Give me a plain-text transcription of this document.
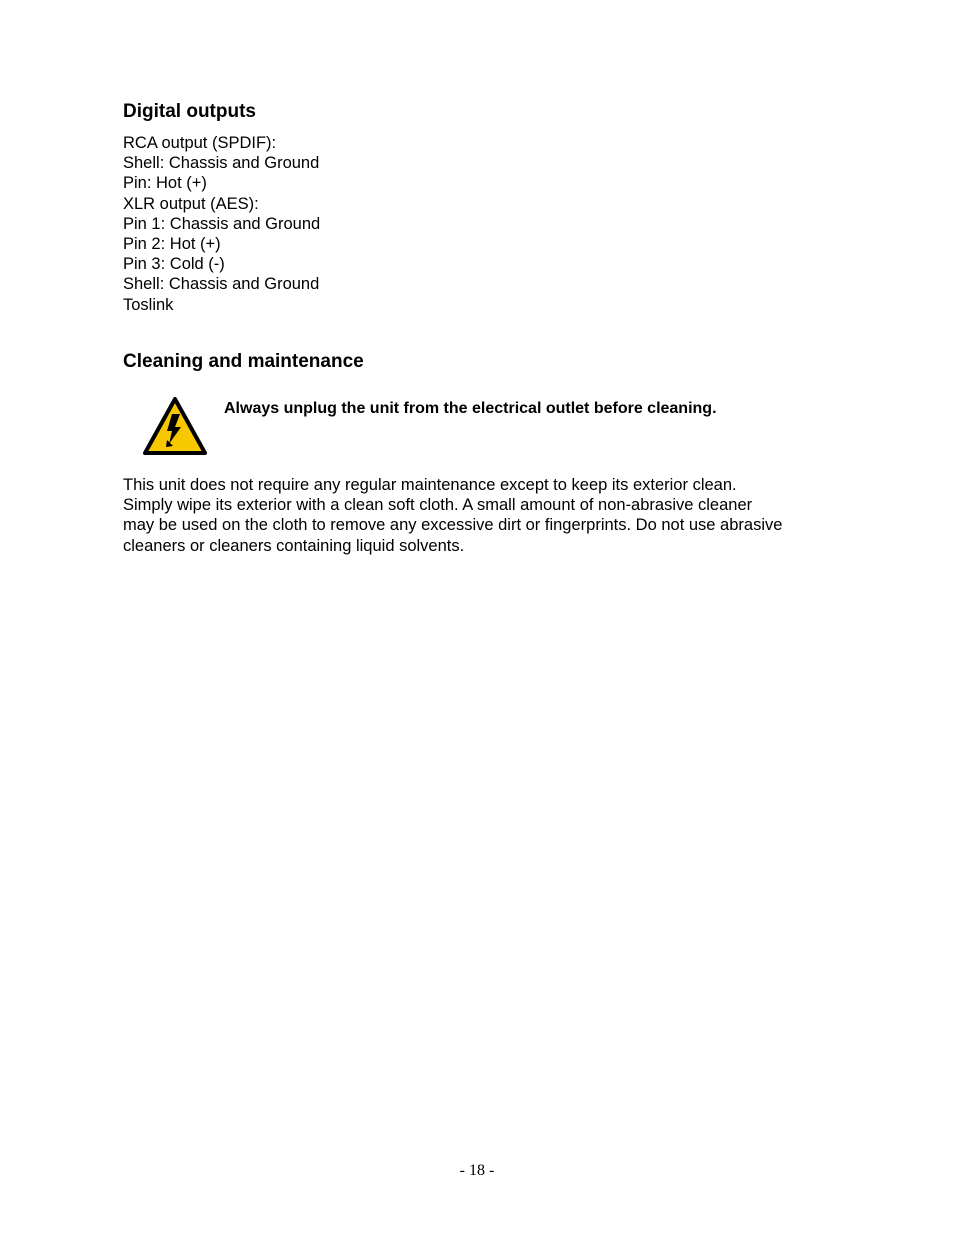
Digital outputs
RCA output (SPDIF):
Shell: Chassis and Ground
Pin: Hot (+)
XLR output (AES):
Pin 1: Chassis and Ground
Pin 2: Hot (+)
Pin 3: Cold (-)
Shell: Chassis and Ground
Toslink
Cleaning and maintenance

Always unplug the unit from the electrical outlet before cleaning.

This unit does not require any regular maintenance except to keep its exterior clean.
Simply wipe its exterior with a clean soft cloth. A small amount of non-abrasive cleaner
may be used on the cloth to remove any excessive dirt or fingerprints. Do not use abrasive
cleaners or cleaners containing liquid solvents.

- 18 -
